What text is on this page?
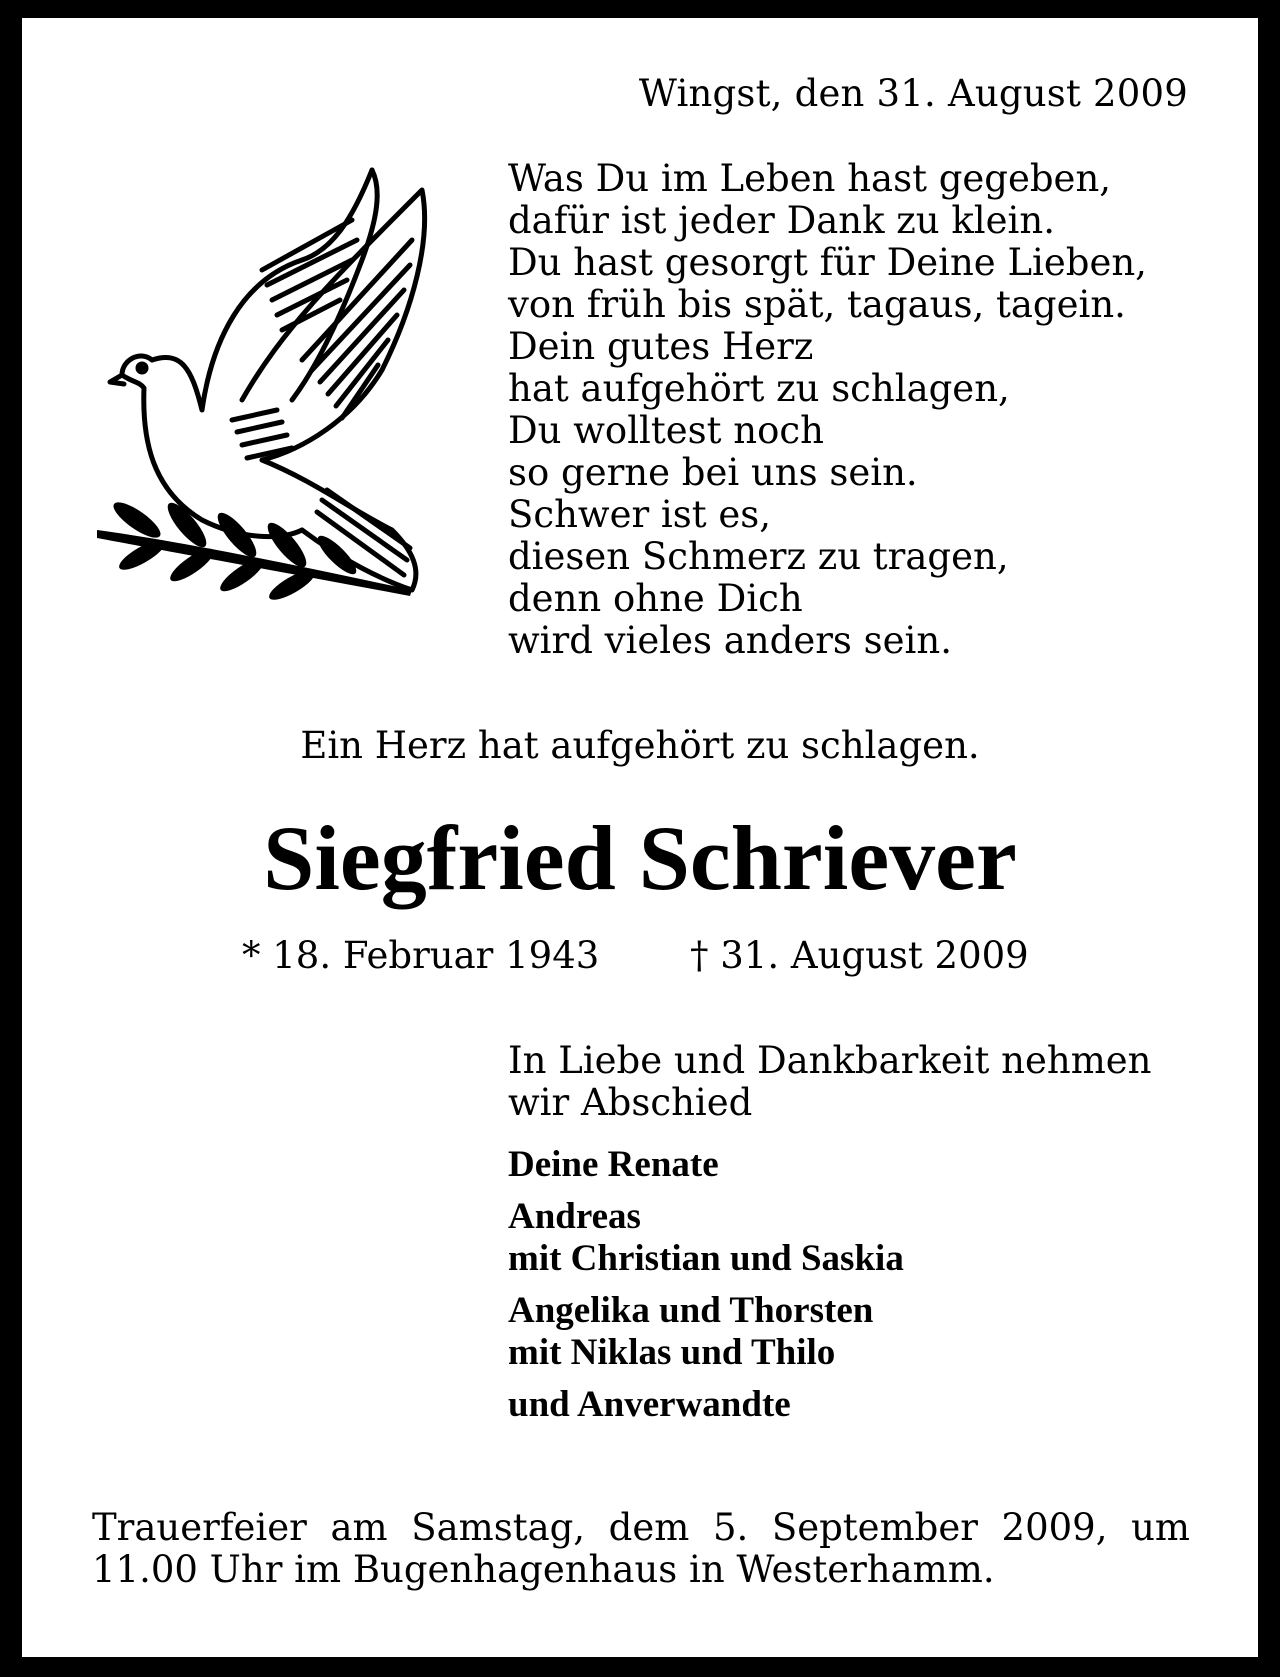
Wingst, den 31. August 2009
Was Du im Leben hast gegeben,
dafür ist jeder Dank zu klein.
Du hast gesorgt für Deine Lieben,
von früh bis spät, tagaus, tagein.
Dein gutes Herz
hat aufgehört zu schlagen,
Du wolltest noch
so gerne bei uns sein.
Schwer ist es,
diesen Schmerz zu tragen,
denn ohne Dich
wird vieles anders sein.
Ein Herz hat aufgehört zu schlagen.
Siegfried Schriever
* 18. Februar 1943 † 31. August 2009
In Liebe und Dankbarkeit nehmen
wir Abschied
Deine Renate
Andreas
mit Christian und Saskia
Angelika und Thorsten
mit Niklas und Thilo
und Anverwandte
Trauerfeier am Samstag, dem 5. September 2009, um
11.00 Uhr im Bugenhagenhaus in Westerhamm.
